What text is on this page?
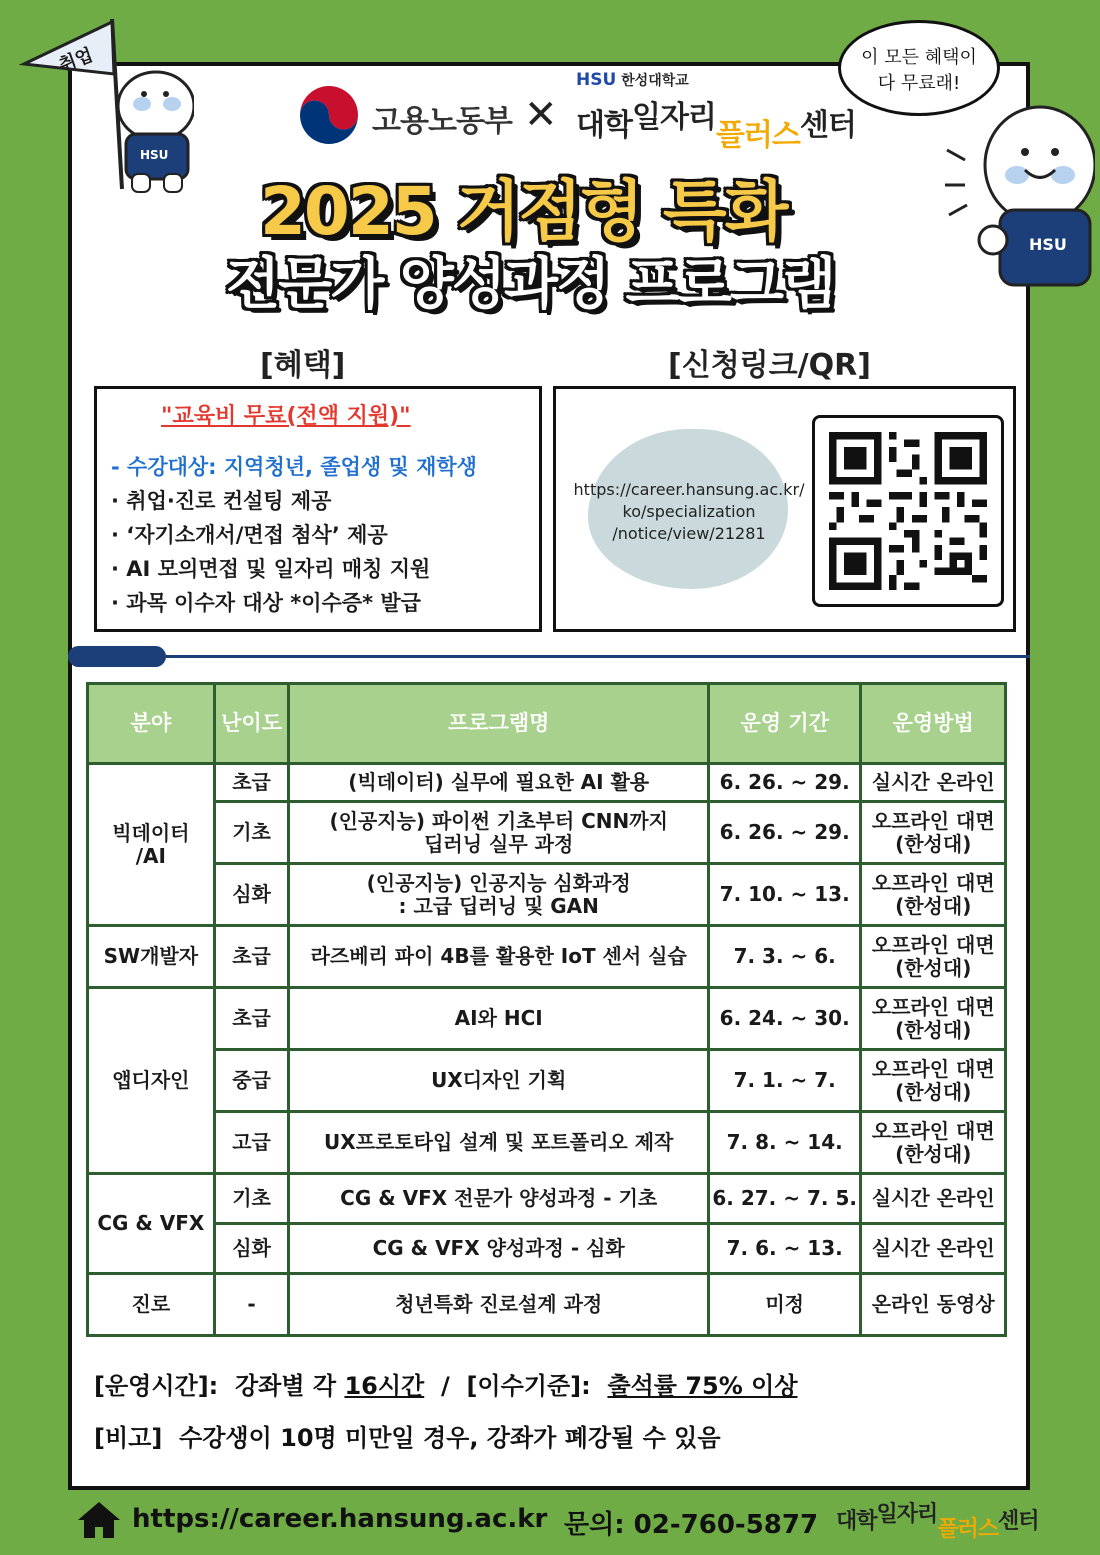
취업
HSU
이 모든 혜택이
다 무료래!
HSU
고용노동부 ✕
HSU 한성대학교
대학일자리플러스센터
2025 거점형 특화
전문가 양성과정 프로그램
[혜택]	[신청링크/QR]
"교육비 무료(전액 지원)"
- 수강대상: 지역청년, 졸업생 및 재학생
· 취업·진로 컨설팅 제공
· ‘자기소개서/면접 첨삭’ 제공
· AI 모의면접 및 일자리 매칭 지원
· 과목 이수자 대상 *이수증* 발급
https://career.hansung.ac.kr/
ko/specialization
/notice/view/21281
분야	난이도	프로그램명	운영 기간	운영방법
빅데이터
/AI	초급	(빅데이터) 실무에 필요한 AI 활용	6. 26. ~ 29.	실시간 온라인
	기초	(인공지능) 파이썬 기초부터 CNN까지
딥러닝 실무 과정	6. 26. ~ 29.	오프라인 대면
(한성대)
	심화	(인공지능) 인공지능 심화과정
: 고급 딥러닝 및 GAN	7. 10. ~ 13.	오프라인 대면
(한성대)
SW개발자	초급	라즈베리 파이 4B를 활용한 IoT 센서 실습	7. 3. ~ 6.	오프라인 대면
(한성대)
앱디자인	초급	AI와 HCI	6. 24. ~ 30.	오프라인 대면
(한성대)
	중급	UX디자인 기획	7. 1. ~ 7.	오프라인 대면
(한성대)
	고급	UX프로토타입 설계 및 포트폴리오 제작	7. 8. ~ 14.	오프라인 대면
(한성대)
CG & VFX	기초	CG & VFX 전문가 양성과정 - 기초	6. 27. ~ 7. 5.	실시간 온라인
	심화	CG & VFX 양성과정 - 심화	7. 6. ~ 13.	실시간 온라인
진로	-	청년특화 진로설계 과정	미정	온라인 동영상
[운영시간]: 강좌별 각 16시간 / [이수기준]: 출석률 75% 이상
[비고] 수강생이 10명 미만일 경우, 강좌가 폐강될 수 있음
https://career.hansung.ac.kr 문의: 02-760-5877 대학일자리플러스센터
